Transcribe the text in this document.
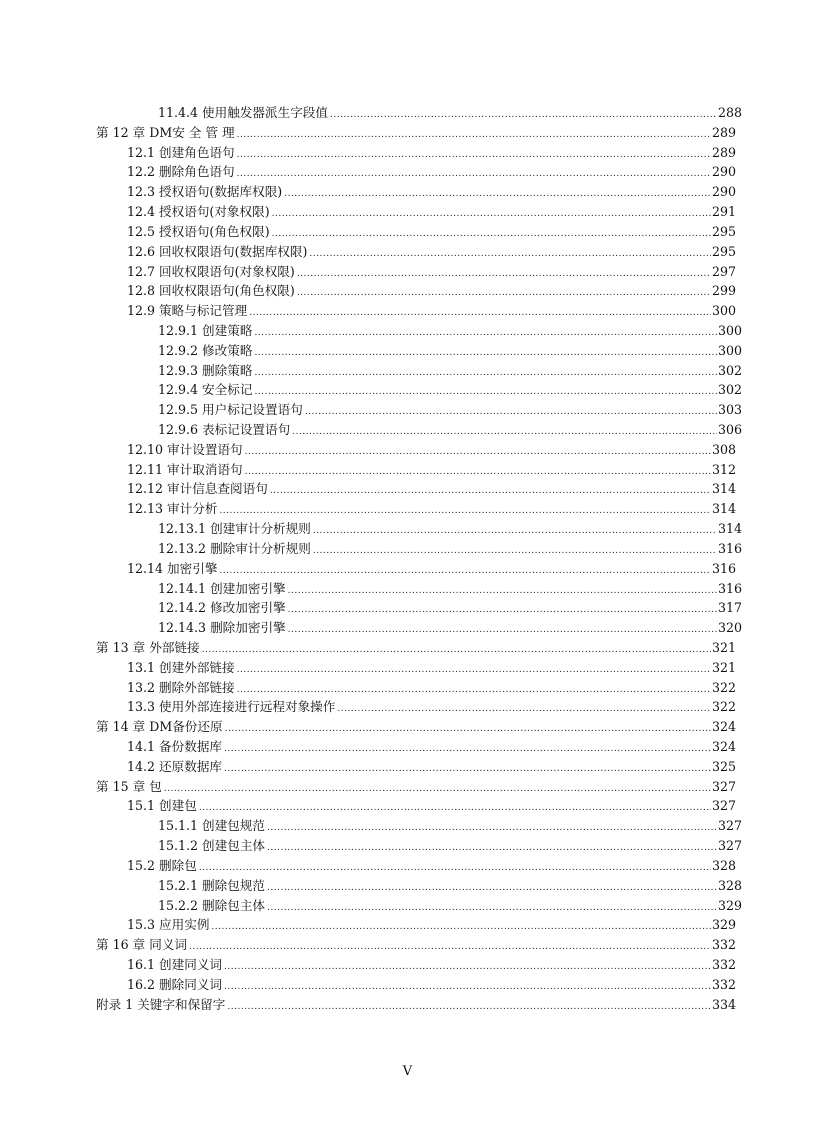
11.4.4 使用触发器派生字段值 .....	288
第 12 章 DM安 全 管 理 .....	289
12.1 创建角色语句 .....	289
12.2 删除角色语句 .....	290
12.3 授权语句(数据库权限) .....	290
12.4 授权语句(对象权限) .....	291
12.5 授权语句(角色权限) .....	295
12.6 回收权限语句(数据库权限) .....	295
12.7 回收权限语句(对象权限) .....	297
12.8 回收权限语句(角色权限) .....	299
12.9 策略与标记管理 .....	300
12.9.1 创建策略 .....	300
12.9.2 修改策略 .....	300
12.9.3 删除策略 .....	302
12.9.4 安全标记 .....	302
12.9.5 用户标记设置语句 .....	303
12.9.6 表标记设置语句 .....	306
12.10 审计设置语句 .....	308
12.11 审计取消语句 .....	312
12.12 审计信息查阅语句 .....	314
12.13 审计分析 .....	314
12.13.1 创建审计分析规则 .....	314
12.13.2 删除审计分析规则 .....	316
12.14 加密引擎 .....	316
12.14.1 创建加密引擎 .....	316
12.14.2 修改加密引擎 .....	317
12.14.3 删除加密引擎 .....	320
第 13 章 外部链接 .....	321
13.1 创建外部链接 .....	321
13.2 删除外部链接 .....	322
13.3 使用外部连接进行远程对象操作 .....	322
第 14 章 DM备份还原 .....	324
14.1 备份数据库 .....	324
14.2 还原数据库 .....	325
第 15 章 包 .....	327
15.1 创建包 .....	327
15.1.1 创建包规范 .....	327
15.1.2 创建包主体 .....	327
15.2 删除包 .....	328
15.2.1 删除包规范 .....	328
15.2.2 删除包主体 .....	329
15.3 应用实例 .....	329
第 16 章 同义词 .....	332
16.1 创建同义词 .....	332
16.2 删除同义词 .....	332
附录 1 关键字和保留字 .....	334
V
